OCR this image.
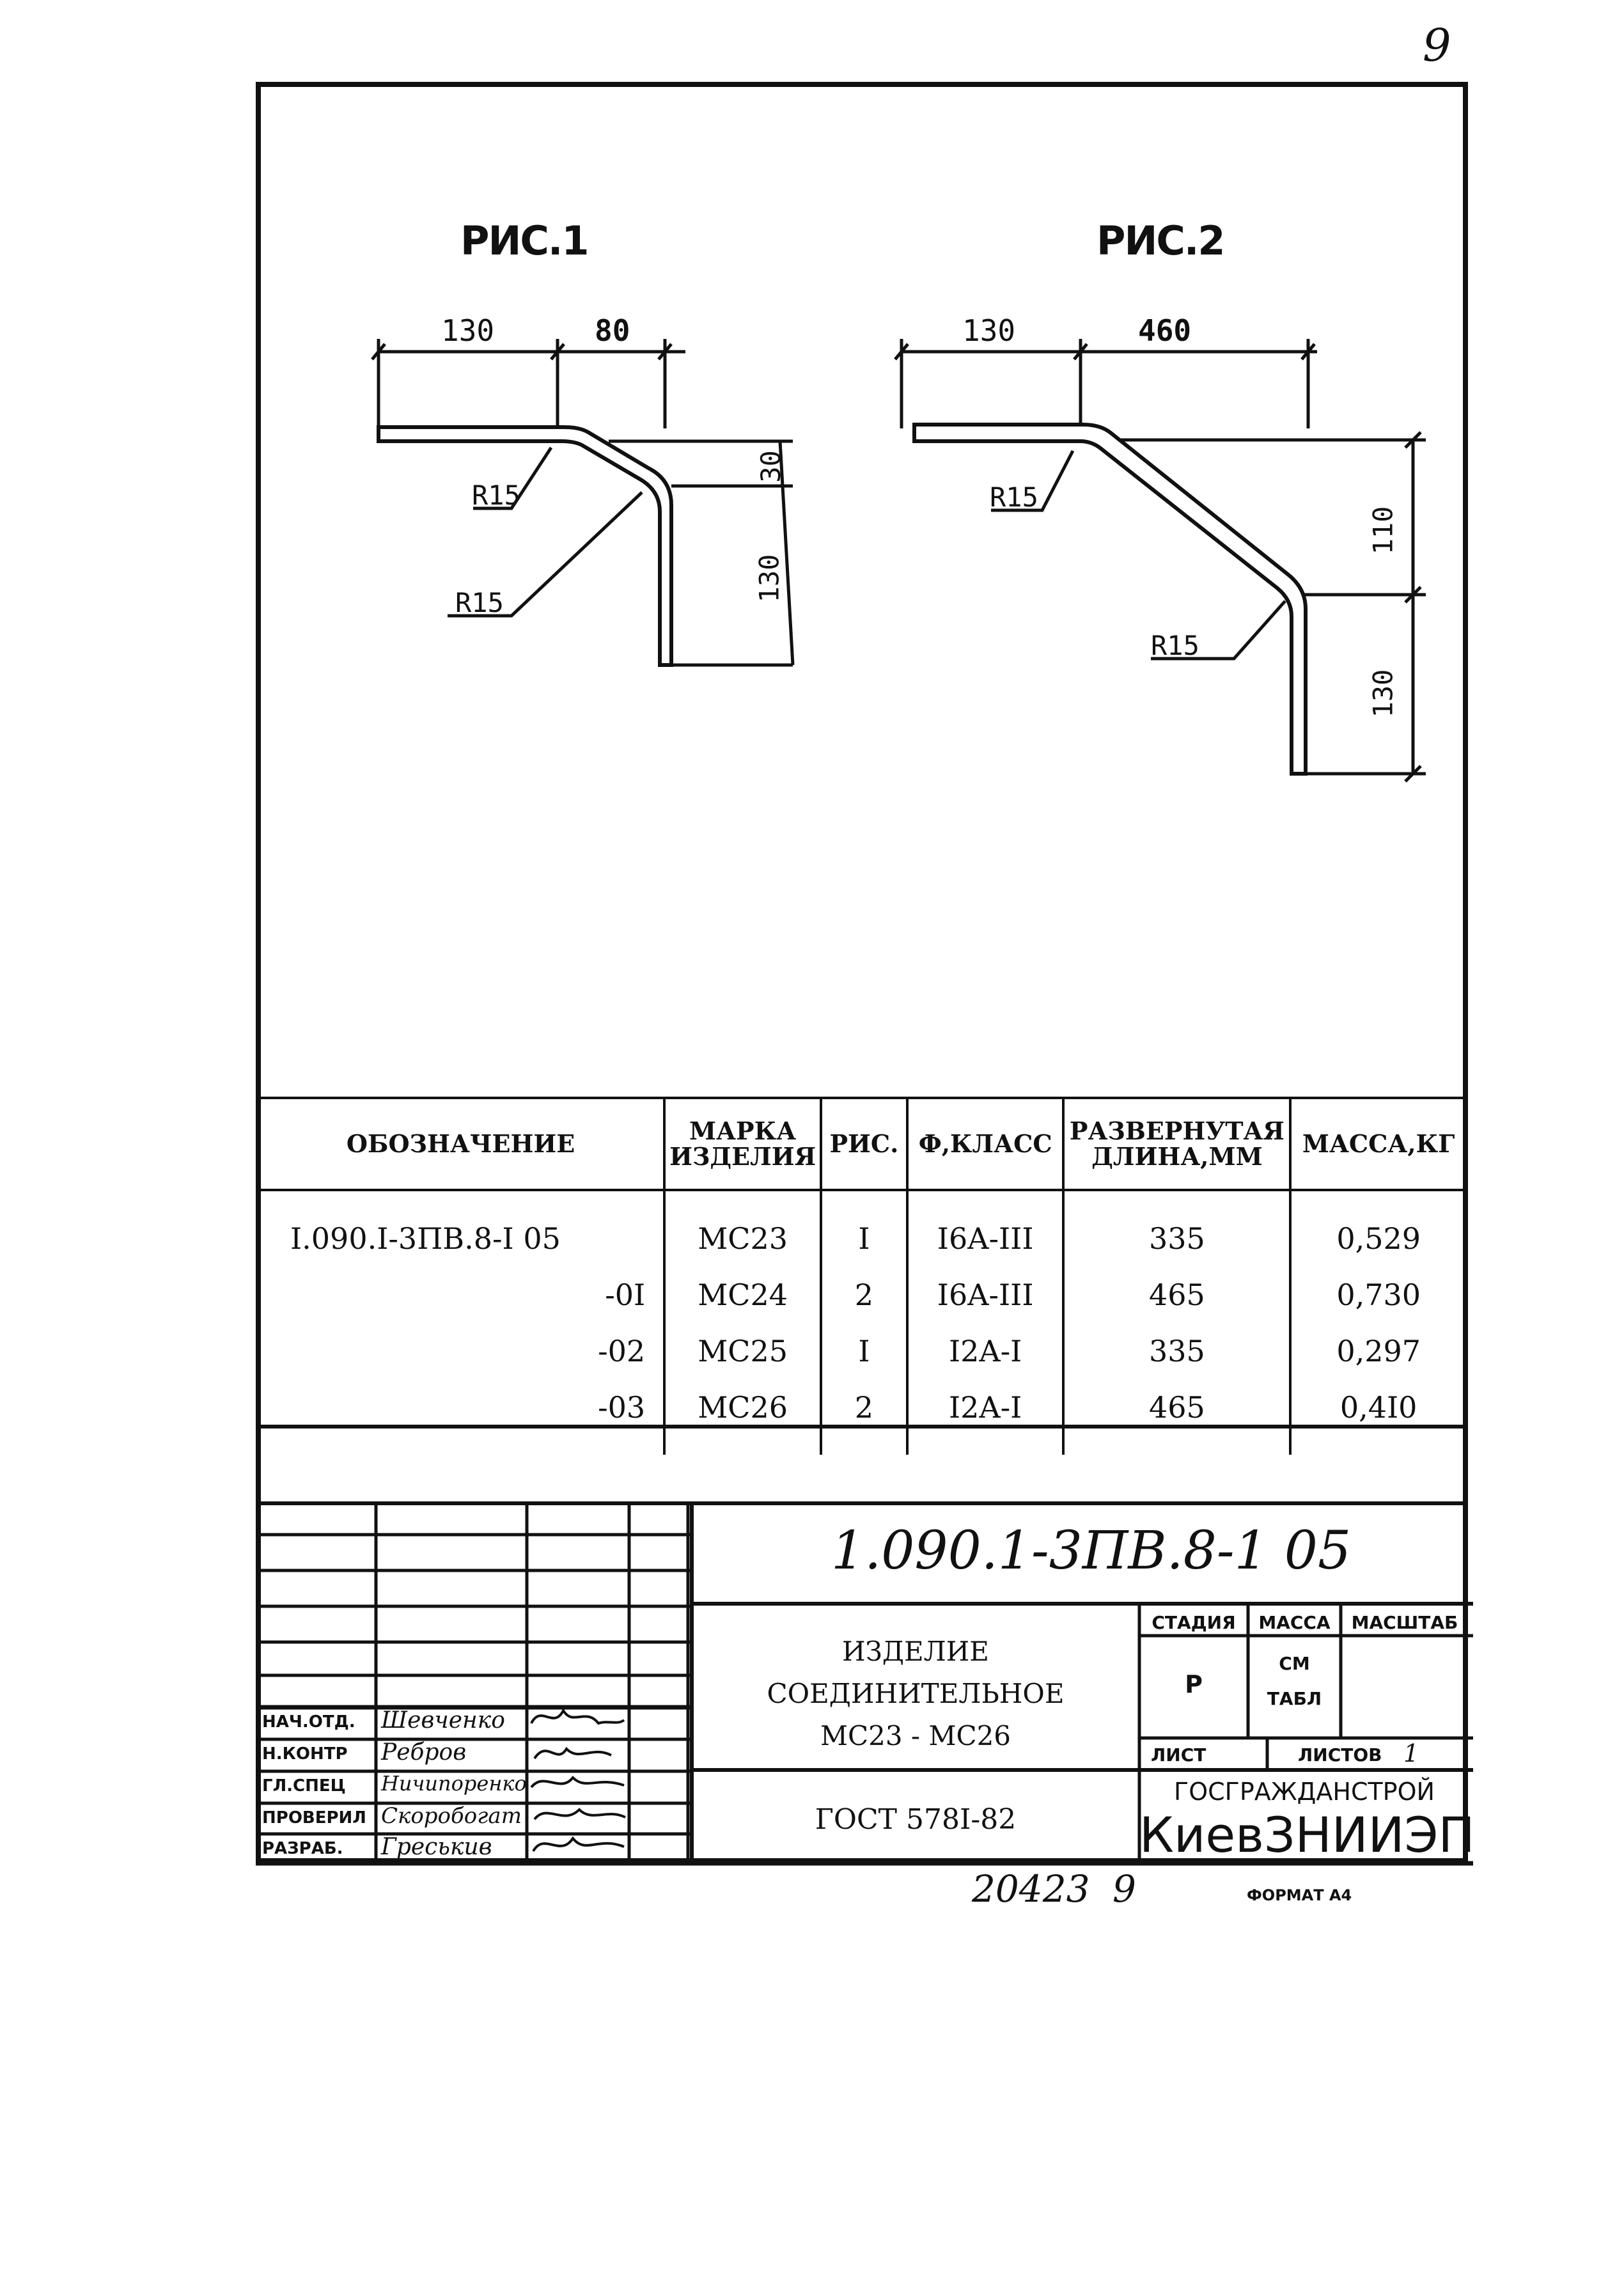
9
РИС.1	РИС.2
130	80
30
130
R15
R15
130	460
110
130
R15
R15
ОБОЗНАЧЕНИЕ	МАРКА ИЗДЕЛИЯ	РИС.	Ф,КЛАСС	РАЗВЕРНУТАЯ ДЛИНА,ММ	МАССА,КГ
I.090.I-3ПВ.8-I 05	МС23	I	I6A-III	335	0,529
-0I	МС24	2	I6A-III	465	0,730
-02	МС25	I	I2A-I	335	0,297
-03	МС26	2	I2A-I	465	0,4I0
1.090.1-3ПВ.8-1 05
ИЗДЕЛИЕ
СОЕДИНИТЕЛЬНОЕ
МС23 - МС26
ГОСТ 578I-82
СТАДИЯ	МАССА	МАСШТАБ
Р
СМ
ТАБЛ
ЛИСТ	ЛИСТОВ 1
ГОСГРАЖДАНСТРОЙ
КиевЗНИИЭП
НАЧ.ОТД.	Шевченко
Н.КОНТР	Ребров
ГЛ.СПЕЦ	Ничипоренко
ПРОВЕРИЛ Скоробогат
РАЗРАБ.	Греськив
20423 9	ФОРМАТ А4
